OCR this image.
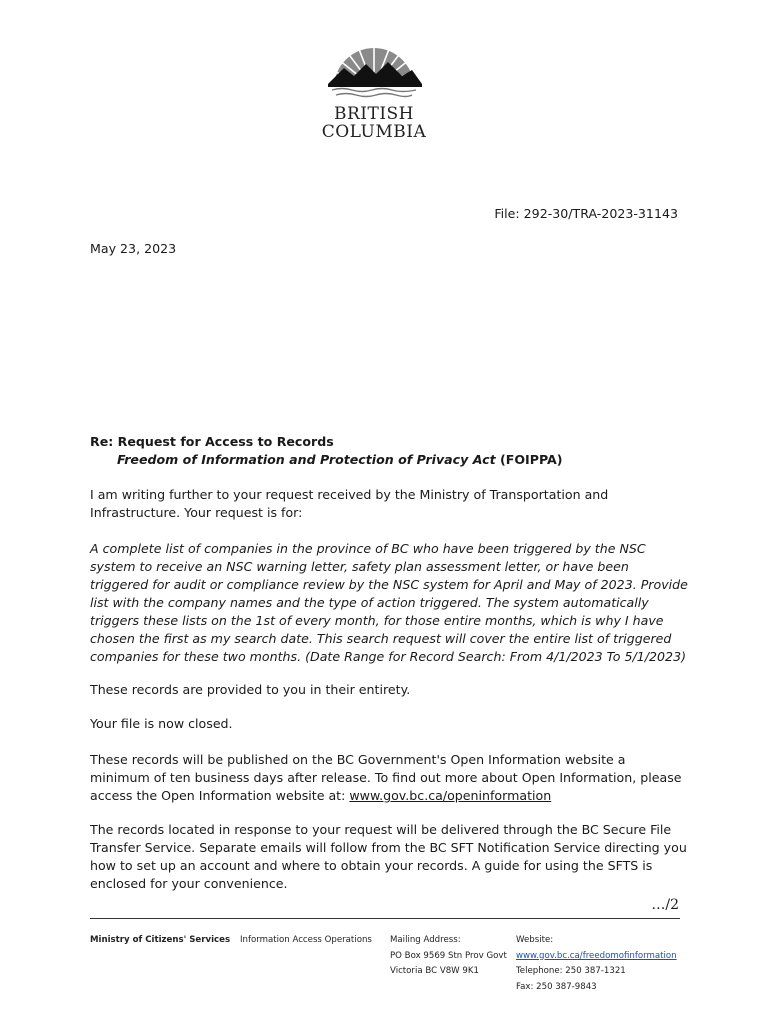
BRITISH
COLUMBIA
File: 292-30/TRA-2023-31143
May 23, 2023
Re: Request for Access to Records
Freedom of Information and Protection of Privacy Act (FOIPPA)
I am writing further to your request received by the Ministry of Transportation and Infrastructure. Your request is for:
A complete list of companies in the province of BC who have been triggered by the NSC system to receive an NSC warning letter, safety plan assessment letter, or have been triggered for audit or compliance review by the NSC system for April and May of 2023. Provide list with the company names and the type of action triggered. The system automatically triggers these lists on the 1st of every month, for those entire months, which is why I have chosen the first as my search date. This search request will cover the entire list of triggered companies for these two months. (Date Range for Record Search: From 4/1/2023 To 5/1/2023)
These records are provided to you in their entirety.
Your file is now closed.
These records will be published on the BC Government's Open Information website a minimum of ten business days after release. To find out more about Open Information, please access the Open Information website at: www.gov.bc.ca/openinformation
The records located in response to your request will be delivered through the BC Secure File Transfer Service. Separate emails will follow from the BC SFT Notification Service directing you how to set up an account and where to obtain your records. A guide for using the SFTS is enclosed for your convenience.
…/2
Ministry of Citizens' Services Information Access Operations Mailing Address:
PO Box 9569 Stn Prov Govt
Victoria BC V8W 9K1
Website:
www.gov.bc.ca/freedomofinformation
Telephone: 250 387-1321
Fax: 250 387-9843
